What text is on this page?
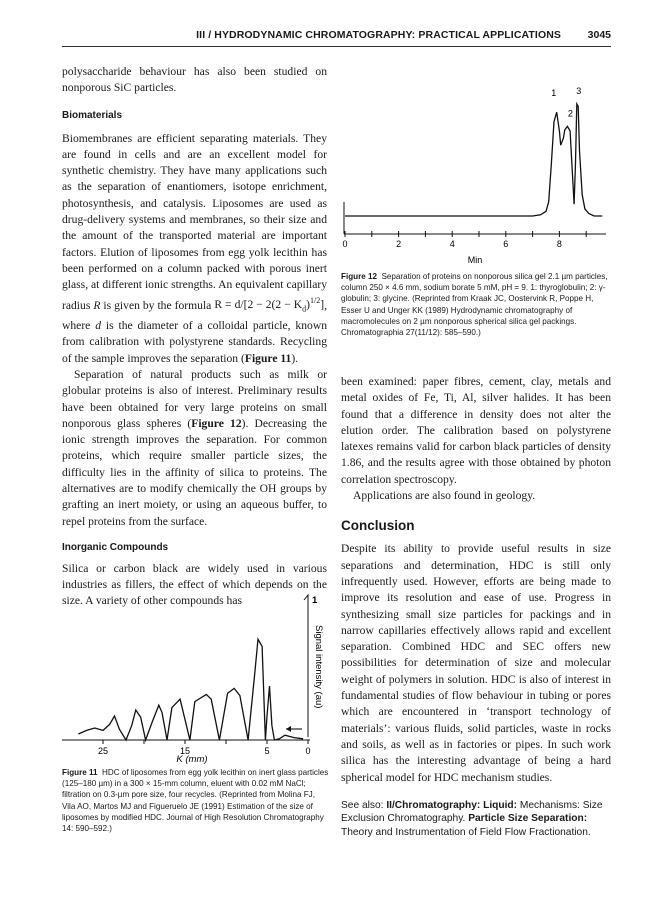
III / HYDRODYNAMIC CHROMATOGRAPHY: PRACTICAL APPLICATIONS	3045

polysaccharide behaviour has also been studied on nonporous SiC particles.

Biomaterials

Biomembranes are efficient separating materials. They are found in cells and are an excellent model for synthetic chemistry. They have many applications such as the separation of enantiomers, isotope enrichment, photosynthesis, and catalysis. Liposomes are used as drug-delivery systems and membranes, so their size and the amount of the transported material are important factors. Elution of liposomes from egg yolk lecithin has been performed on a column packed with porous inert glass, at different ionic strengths. An equivalent capillary radius R is given by the formula $R = d/[2 - 2(2 - K_d)^{1/2}]$, where d is the diameter of a colloidal particle, known from calibration with polystyrene standards. Recycling of the sample improves the separation (Figure 11).

Separation of natural products such as milk or globular proteins is also of interest. Preliminary results have been obtained for very large proteins on small nonporous glass spheres (Figure 12). Decreasing the ionic strength improves the separation. For common proteins, which require smaller particle sizes, the difficulty lies in the affinity of silica to proteins. The alternatives are to modify chemically the OH groups by grafting an inert moiety, or using an aqueous buffer, to repel proteins from the surface.

Inorganic Compounds

Silica or carbon black are widely used in various industries as fillers, the effect of which depends on the size. A variety of other compounds has	1
25	15	5	0
Signal intensity (au)
K (mm)
Figure 11 HDC of liposomes from egg yolk lecithin on inert glass particles (125–180 µm) in a 300 × 15-mm column, eluent with 0.02 mM NaCl; filtration on 0.3-µm pore size, four recycles. (Reprinted from Molina FJ, Vila AO, Martos MJ and Figueruelo JE (1991) Estimation of the size of liposomes by modified HDC. Journal of High Resolution Chromatography 14: 590–592.)
0	2	4	6	8
1
2
3
Min
Figure 12 Separation of proteins on nonporous silica gel 2.1 µm particles, column 250 × 4.6 mm, sodium borate 5 mM, pH = 9. 1: thyroglobulin; 2: γ-globulin; 3: glycine. (Reprinted from Kraak JC, Oostervink R, Poppe H, Esser U and Unger KK (1989) Hydrodynamic chromatography of macromolecules on 2 µm nonporous spherical silica gel packings. Chromatographia 27(11/12): 585–590.)

been examined: paper fibres, cement, clay, metals and metal oxides of Fe, Ti, Al, silver halides. It has been found that a difference in density does not alter the elution order. The calibration based on polystyrene latexes remains valid for carbon black particles of density 1.86, and the results agree with those obtained by photon correlation spectroscopy.

Applications are also found in geology.

Conclusion

Despite its ability to provide useful results in size separations and determination, HDC is still only infrequently used. However, efforts are being made to improve its resolution and ease of use. Progress in synthesizing small size particles for packings and in narrow capillaries effectively allows rapid and excellent separation. Combined HDC and SEC offers new possibilities for determination of size and molecular weight of polymers in solution. HDC is also of interest in fundamental studies of flow behaviour in tubing or pores which are encountered in ‘transport technology of materials’: various fluids, solid particles, waste in rocks and soils, as well as in factories or pipes. In such work silica has the interesting advantage of being a hard spherical model for HDC mechanism studies.

See also: II/Chromatography: Liquid: Mechanisms: Size Exclusion Chromatography. Particle Size Separation: Theory and Instrumentation of Field Flow Fractionation.
